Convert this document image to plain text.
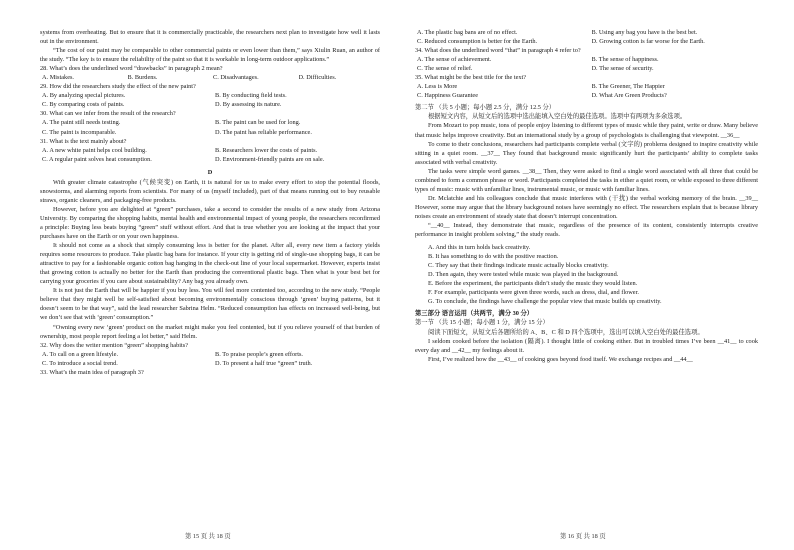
systems from overheating. But to ensure that it is commercially practicable, the researchers next plan to investigate how well it lasts out in the environment.

“The cost of our paint may be comparable to other commercial paints or even lower than them,” says Xiulin Ruan, an author of the study. “The key is to ensure the reliability of the paint so that it is workable in long-term outdoor applications.”

28. What’s does the underlined word “drawbacks” in paragraph 2 mean?
A. Mistakes.	B. Burdens.	C. Disadvantages.	D. Difficulties.
29. How did the researchers study the effect of the new paint?
A. By analyzing special pictures.	B. By conducting field tests.
C. By comparing costs of paints.	D. By assessing its nature.
30. What can we infer from the result of the research?
A. The paint still needs testing.	B. The paint can be used for long.
C. The paint is incomparable.	D. The paint has reliable performance.
31. What is the text mainly about?
A. A new white paint helps cool building.	B. Researchers lower the costs of paints.
C. A regular paint solves heat consumption.	D. Environment-friendly paints are on sale.
D

With greater climate catastrophe (气候突变) on Earth, it is natural for us to make every effort to stop the potential floods, snowstorms, and alarming reports from scientists. For many of us (myself included), part of that means running out to buy reusable straws, organic cleaners, and packaging-free products.

However, before you are delighted at “green” purchases, take a second to consider the results of a new study from Arizona University. By comparing the shopping habits, mental health and environmental impact of young people, the researchers reconfirmed a principle: Buying less beats buying “green” stuff without effort. And that is true whether you are looking at the impact that your purchases have on the Earth or on your own happiness.

It should not come as a shock that simply consuming less is better for the planet. After all, every new item a factory yields requires some resources to produce. Take plastic bag bans for instance. If your city is getting rid of single-use shopping bags, it can be attractive to pay for a fashionable organic cotton bag hanging in the check-out line of your local supermarket. However, experts insist that growing cotton is actually no better for the Earth than producing the conventional plastic bags. Then what is your best bet for carrying your groceries if you care about sustainability? Any bag you already own.

It is not just the Earth that will be happier if you buy less. You will feel more contented too, according to the new study. “People believe that they might well be self-satisfied about becoming environmentally conscious through ‘green’ buying patterns, but it doesn’t seem to be that way”, said the lead researcher Sabrina Helm. “Reduced consumption has effects on increased well-being, but we don’t see that with ‘green’ consumption.”

“Owning every new ‘green’ product on the market might make you feel contented, but if you relieve yourself of that burden of ownership, most people report feeling a lot better,” said Helm.

32. Why does the writer mention “green” shopping habits?
A. To call on a green lifestyle.	B. To praise people’s green efforts.
C. To introduce a social trend.	D. To present a half true “green” truth.
33. What’s the main idea of paragraph 3?
A. The plastic bag bans are of no effect.	B. Using any bag you have is the best bet.
C. Reduced consumption is better for the Earth.	D. Growing cotton is far worse for the Earth.
34. What does the underlined word “that” in paragraph 4 refer to?
A. The sense of achievement.	B. The sense of happiness.
C. The sense of relief.	D. The sense of security.
35. What might be the best title for the text?
A. Less is More	B. The Greener, The Happier
C. Happiness Guarantee	D. What Are Green Products?
第二节 （共 5 小题；每小题 2.5 分，满分 12.5 分）

根据短文内容，从短文后的选项中选出能填入空白处的最佳选项。选项中有两项为多余选项。

From Mozart to pop music, tons of people enjoy listening to different types of music while they paint, write or draw. Many believe that music helps improve creativity. But an international study by a group of psychologists is challenging that viewpoint. __36__

To come to their conclusions, researchers had participants complete verbal (文字的) problems designed to inspire creativity while sitting in a quiet room. __37__ They found that background music significantly hurt the participants’ ability to complete tasks associated with verbal creativity.

The tasks were simple word games. __38__ Then, they were asked to find a single word associated with all three that could be combined to form a common phrase or word. Participants completed the tasks in either a quiet room, or while exposed to three different types of music: music with unfamiliar lines, instrumental music, or music with familiar lines.

Dr. Mclatchie and his colleagues conclude that music interferes with (干扰) the verbal working memory of the brain. __39__ However, some may argue that the library background noises have seemingly no effect. The researchers explain that is because library noises create an environment of steady state that doesn’t interrupt concentration.

“__40__ Instead, they demonstrate that music, regardless of the presence of its content, consistently interrupts creative performance in insight problem solving,” the study reads.

A. And this in turn holds back creativity.
B. It has something to do with the positive reaction.
C. They say that their findings indicate music actually blocks creativity.
D. Then again, they were tested while music was played in the background.
E. Before the experiment, the participants didn’t study the music they would listen.
F. For example, participants were given three words, such as dress, dial, and flower.
G. To conclude, the findings have challenge the popular view that music builds up creativity.
第三部分 语言运用（共两节，满分 30 分）
第一节 （共 15 小题；每小题 1 分，满分 15 分）

阅读下面短文，从短文后各题所给的 A、B、C 和 D 四个选项中，选出可以填入空白处的最佳选项。

I seldom cooked before the isolation (隔离). I thought little of cooking either. But in troubled times I’ve been __41__ to cook every day and __42__ my feelings about it.

First, I’ve realized how the __43__ of cooking goes beyond food itself. We exchange recipes and __44__

第 15 页 共 18 页	第 16 页 共 18 页
